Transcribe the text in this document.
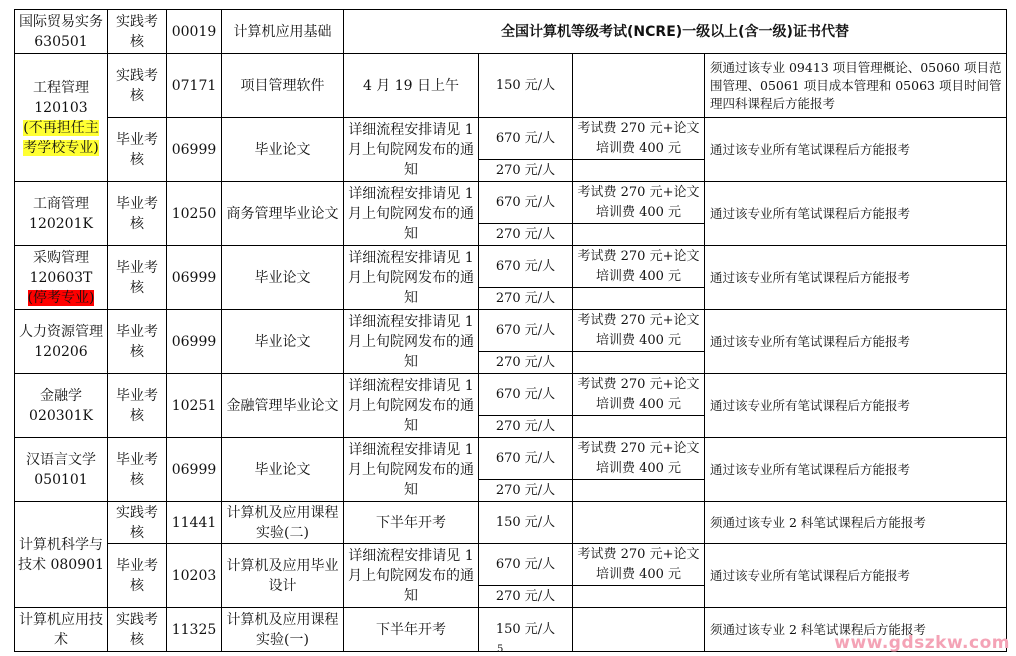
国际贸易实务 630501	实践考核	00019	计算机应用基础	全国计算机等级考试(NCRE)一级以上(含一级)证书代替			

工程管理
120103
(不再担任主考学校专业)	实践考核	07171	项目管理软件	4 月 19 日上午	150 元/人		须通过该专业 09413 项目管理概论、05060 项目范围管理、05061 项目成本管理和 05063 项目时间管理四科课程后方能报考
	毕业考核	06999	毕业论文	详细流程安排请见 1 月上旬院网发布的通知	670 元/人	考试费 270 元+论文培训费 400 元	通过该专业所有笔试课程后方能报考
					270 元/人		
工商管理 120201K	毕业考核	10250	商务管理毕业论文	详细流程安排请见 1 月上旬院网发布的通知	670 元/人	考试费 270 元+论文培训费 400 元	通过该专业所有笔试课程后方能报考
					270 元/人		

采购管理
120603T
(停考专业)	毕业考核	06999	毕业论文	详细流程安排请见 1 月上旬院网发布的通知	670 元/人	考试费 270 元+论文培训费 400 元	通过该专业所有笔试课程后方能报考
					270 元/人		
人力资源管理 120206	毕业考核	06999	毕业论文	详细流程安排请见 1 月上旬院网发布的通知	670 元/人	考试费 270 元+论文培训费 400 元	通过该专业所有笔试课程后方能报考
					270 元/人		
金融学 020301K	毕业考核	10251	金融管理毕业论文	详细流程安排请见 1 月上旬院网发布的通知	670 元/人	考试费 270 元+论文培训费 400 元	通过该专业所有笔试课程后方能报考
					270 元/人		
汉语言文学 050101	毕业考核	06999	毕业论文	详细流程安排请见 1 月上旬院网发布的通知	670 元/人	考试费 270 元+论文培训费 400 元	通过该专业所有笔试课程后方能报考
					270 元/人		
计算机科学与技术 080901	实践考核	11441	计算机及应用课程实验(二)	下半年开考	150 元/人		须通过该专业 2 科笔试课程后方能报考
	毕业考核	10203	计算机及应用毕业设计	详细流程安排请见 1 月上旬院网发布的通知	670 元/人	考试费 270 元+论文培训费 400 元	通过该专业所有笔试课程后方能报考
					270 元/人		
计算机应用技术	实践考核	11325	计算机及应用课程实验(一)	下半年开考	150 元/人		须通过该专业 2 科笔试课程后方能报考
5	www.gdszkw.com
